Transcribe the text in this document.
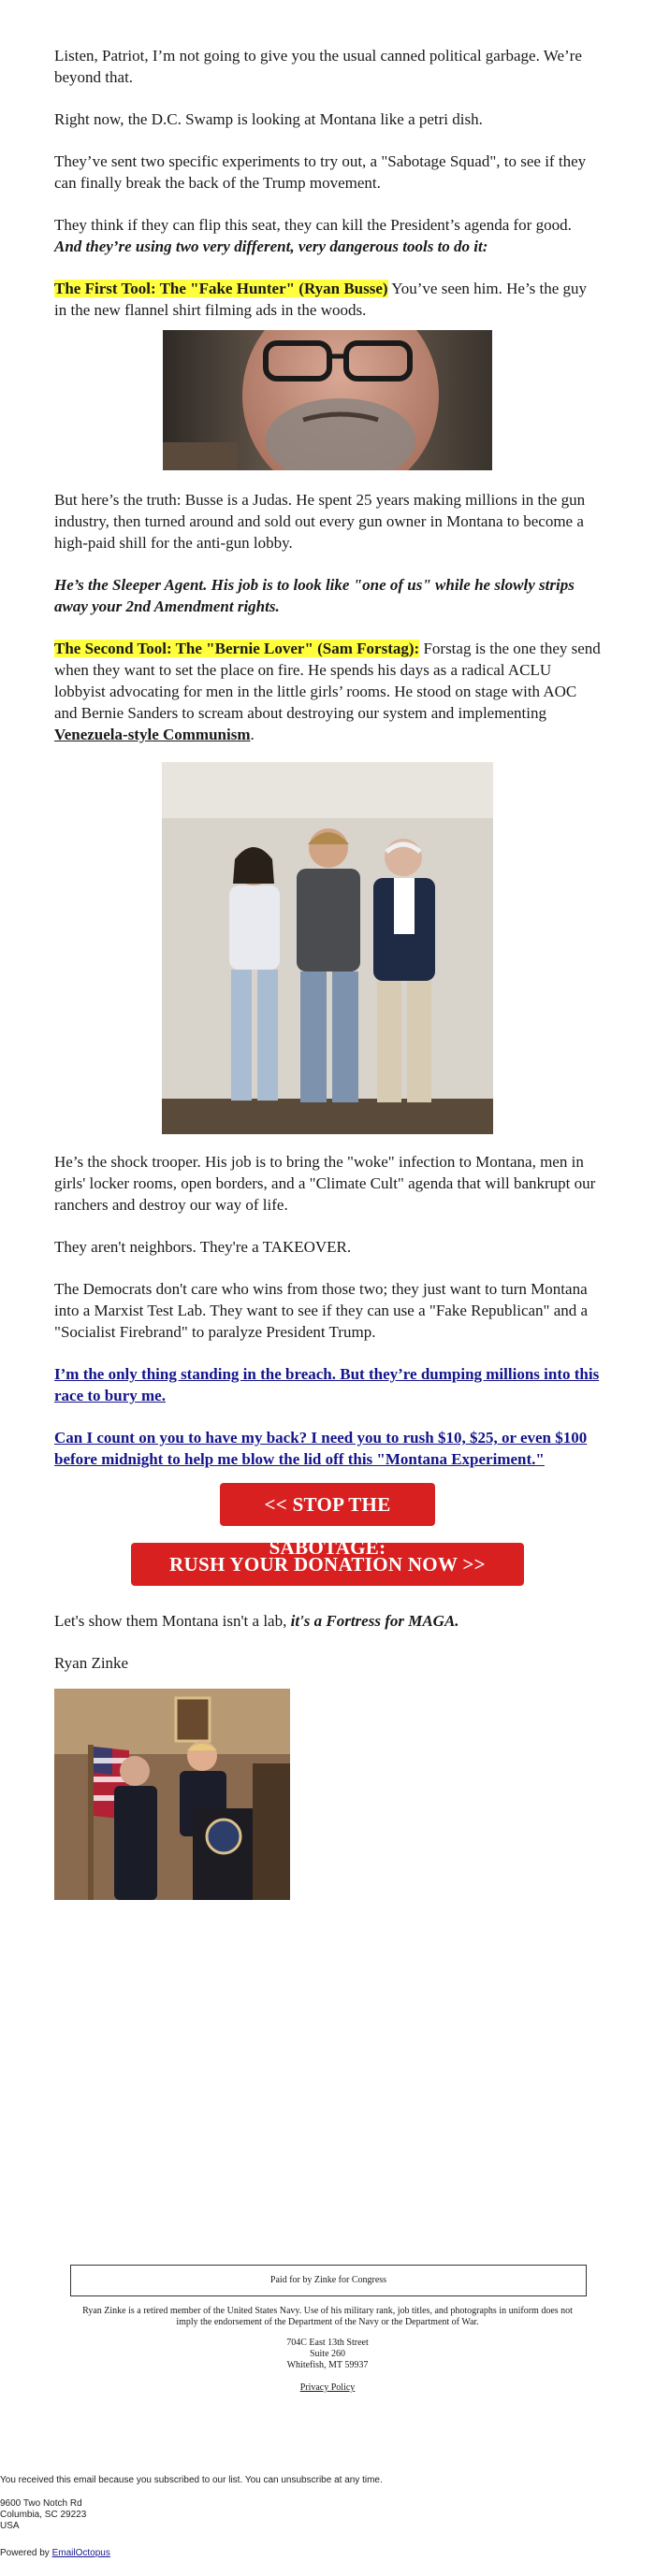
Listen, Patriot, I’m not going to give you the usual canned political garbage. We’re beyond that.

Right now, the D.C. Swamp is looking at Montana like a petri dish.

They’ve sent two specific experiments to try out, a "Sabotage Squad", to see if they can finally break the back of the Trump movement.

They think if they can flip this seat, they can kill the President’s agenda for good. And they’re using two very different, very dangerous tools to do it:

The First Tool: The "Fake Hunter" (Ryan Busse) You’ve seen him. He’s the guy in the new flannel shirt filming ads in the woods.

But here’s the truth: Busse is a Judas. He spent 25 years making millions in the gun industry, then turned around and sold out every gun owner in Montana to become a high-paid shill for the anti-gun lobby.

He’s the Sleeper Agent. His job is to look like "one of us" while he slowly strips away your 2nd Amendment rights.

The Second Tool: The "Bernie Lover" (Sam Forstag): Forstag is the one they send when they want to set the place on fire. He spends his days as a radical ACLU lobbyist advocating for men in the little girls’ rooms. He stood on stage with AOC and Bernie Sanders to scream about destroying our system and implementing Venezuela-style Communism.

He’s the shock trooper. His job is to bring the "woke" infection to Montana, men in girls' locker rooms, open borders, and a "Climate Cult" agenda that will bankrupt our ranchers and destroy our way of life.

They aren't neighbors. They're a TAKEOVER.

The Democrats don't care who wins from those two; they just want to turn Montana into a Marxist Test Lab. They want to see if they can use a "Fake Republican" and a "Socialist Firebrand" to paralyze President Trump.

I’m the only thing standing in the breach. But they’re dumping millions into this race to bury me.
Can I count on you to have my back? I need you to rush $10, $25, or even $100 before midnight to help me blow the lid off this "Montana Experiment."
<< STOP THE
RUSH YOUR DONATION NOW >>

Let's show them Montana isn't a lab, it's a Fortress for MAGA.

Ryan Zinke

Paid for by Zinke for Congress
Ryan Zinke is a retired member of the United States Navy. Use of his military rank, job titles, and photographs in uniform does not imply the endorsement of the Department of the Navy or the Department of War.
704C East 13th Street
Suite 260
Whitefish, MT 59937
Privacy Policy
You received this email because you subscribed to our list. You can unsubscribe at any time.
9600 Two Notch Rd
Columbia, SC 29223
USA
Powered by EmailOctopus
